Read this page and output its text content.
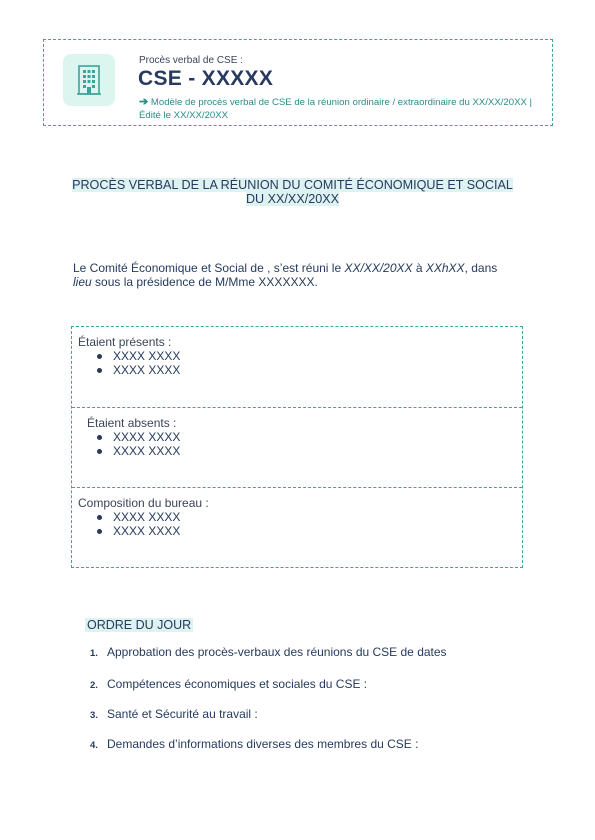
Procès verbal de CSE :
CSE - XXXXX
➔ Modèle de procès verbal de CSE de la réunion ordinaire / extraordinaire du XX/XX/20XX | Édité le XX/XX/20XX
PROCÈS VERBAL DE LA RÉUNION DU COMITÉ ÉCONOMIQUE ET SOCIAL
DU XX/XX/20XX
Le Comité Économique et Social de , s’est réuni le XX/XX/20XX à XXhXX, dans lieu sous la présidence de M/Mme XXXXXXX.
Étaient présents :
XXXX XXXX
XXXX XXXX
Étaient absents :
XXXX XXXX
XXXX XXXX
Composition du bureau :
XXXX XXXX
XXXX XXXX
ORDRE DU JOUR
1. Approbation des procès-verbaux des réunions du CSE de dates
2. Compétences économiques et sociales du CSE :
3. Santé et Sécurité au travail :
4. Demandes d’informations diverses des membres du CSE :
